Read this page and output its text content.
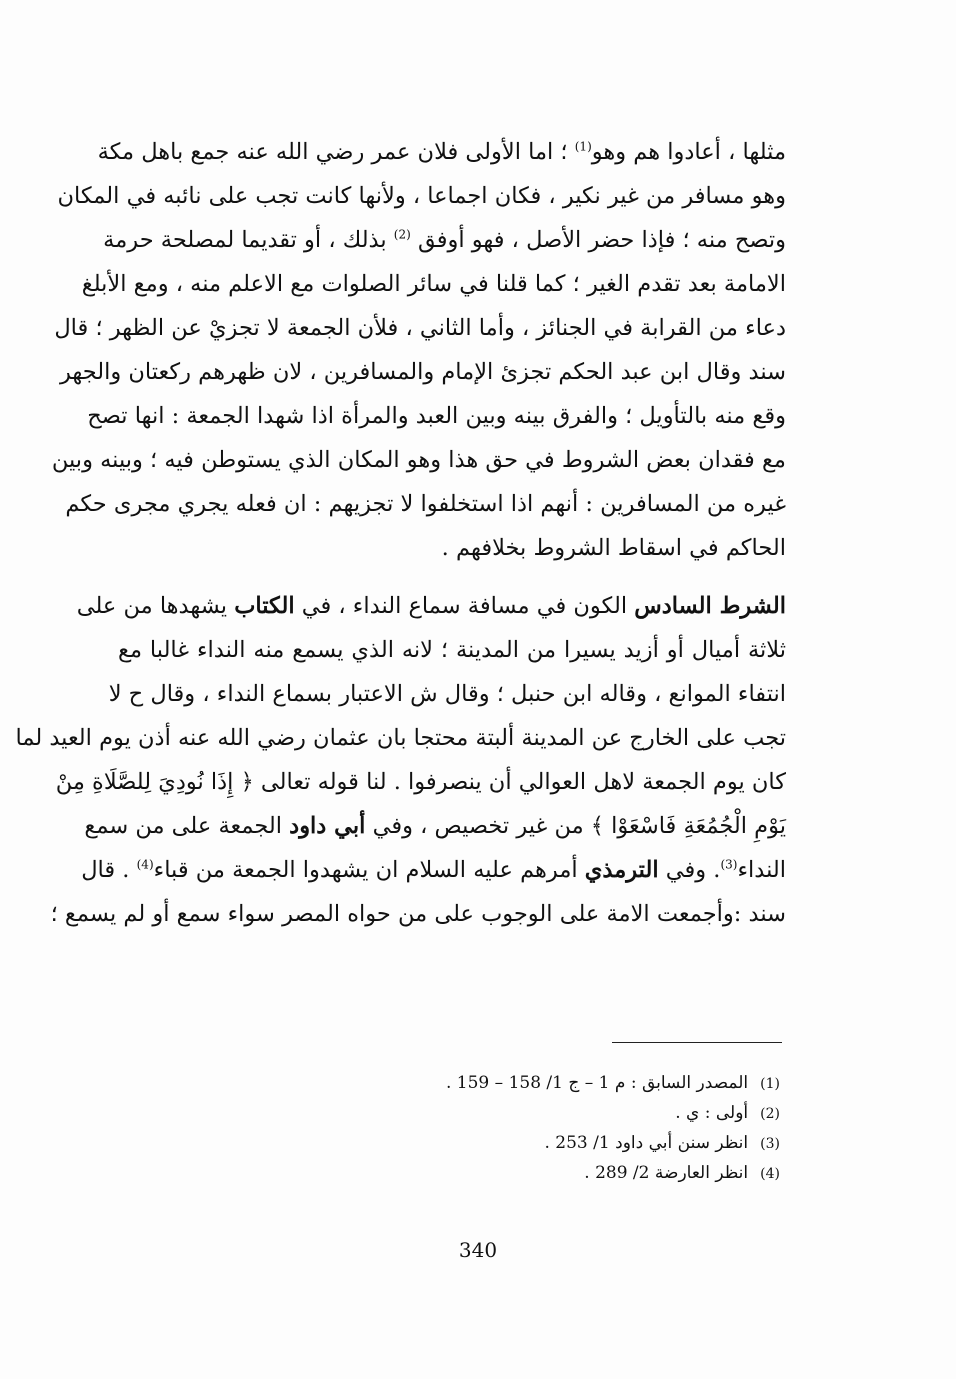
مثلها ، أعادوا هم وهو$^{(1)}$ ؛ اما الأولى فلان عمر رضي الله عنه جمع باهل مكة
وهو مسافر من غير نكير ، فكان اجماعا ، ولأنها كانت تجب على نائبه في المكان
وتصح منه ؛ فإذا حضر الأصل ، فهو أوفق $^{(2)}$ بذلك ، أو تقديما لمصلحة حرمة
الامامة بعد تقدم الغير ؛ كما قلنا في سائر الصلوات مع الاعلم منه ، ومع الأبلغ
دعاء من القرابة في الجنائز ، وأما الثاني ، فلأن الجمعة لا تجزيْ عن الظهر ؛ قال
سند وقال ابن عبد الحكم تجزئ الإمام والمسافرين ، لان ظهرهم ركعتان والجهر
وقع منه بالتأويل ؛ والفرق بينه وبين العبد والمرأة اذا شهدا الجمعة : انها تصح
مع فقدان بعض الشروط في حق هذا وهو المكان الذي يستوطن فيه ؛ وبينه وبين
غيره من المسافرين : أنهم اذا استخلفوا لا تجزيهم : ان فعله يجري مجرى حكم
الحاكم في اسقاط الشروط بخلافهم .
الشرط السادس الكون في مسافة سماع النداء ، في الكتاب يشهدها من على
ثلاثة أميال أو أزيد يسيرا من المدينة ؛ لانه الذي يسمع منه النداء غالبا مع
انتفاء الموانع ، وقاله ابن حنبل ؛ وقال ش الاعتبار بسماع النداء ، وقال ح لا
تجب على الخارج عن المدينة ألبتة محتجا بان عثمان رضي الله عنه أذن يوم العيد لما
كان يوم الجمعة لاهل العوالي أن ينصرفوا . لنا قوله تعالى ﴿ إِذَا نُودِيَ لِلصَّلَاةِ مِنْ
يَوْمِ الْجُمُعَةِ فَاسْعَوْا ﴾ من غير تخصيص ، وفي أبي داود الجمعة على من سمع
النداء$^{(3)}$. وفي الترمذي أمرهم عليه السلام ان يشهدوا الجمعة من قباء$^{(4)}$ . قال
سند :وأجمعت الامة على الوجوب على من حواه المصر سواء سمع أو لم يسمع ؛
(1)المصدر السابق : م 1 – ج 1/ 158 – 159 .
(2)أولى : ي .
(3)انظر سنن أبي داود 1/ 253 .
(4)انظر العارضة 2/ 289 .
340
